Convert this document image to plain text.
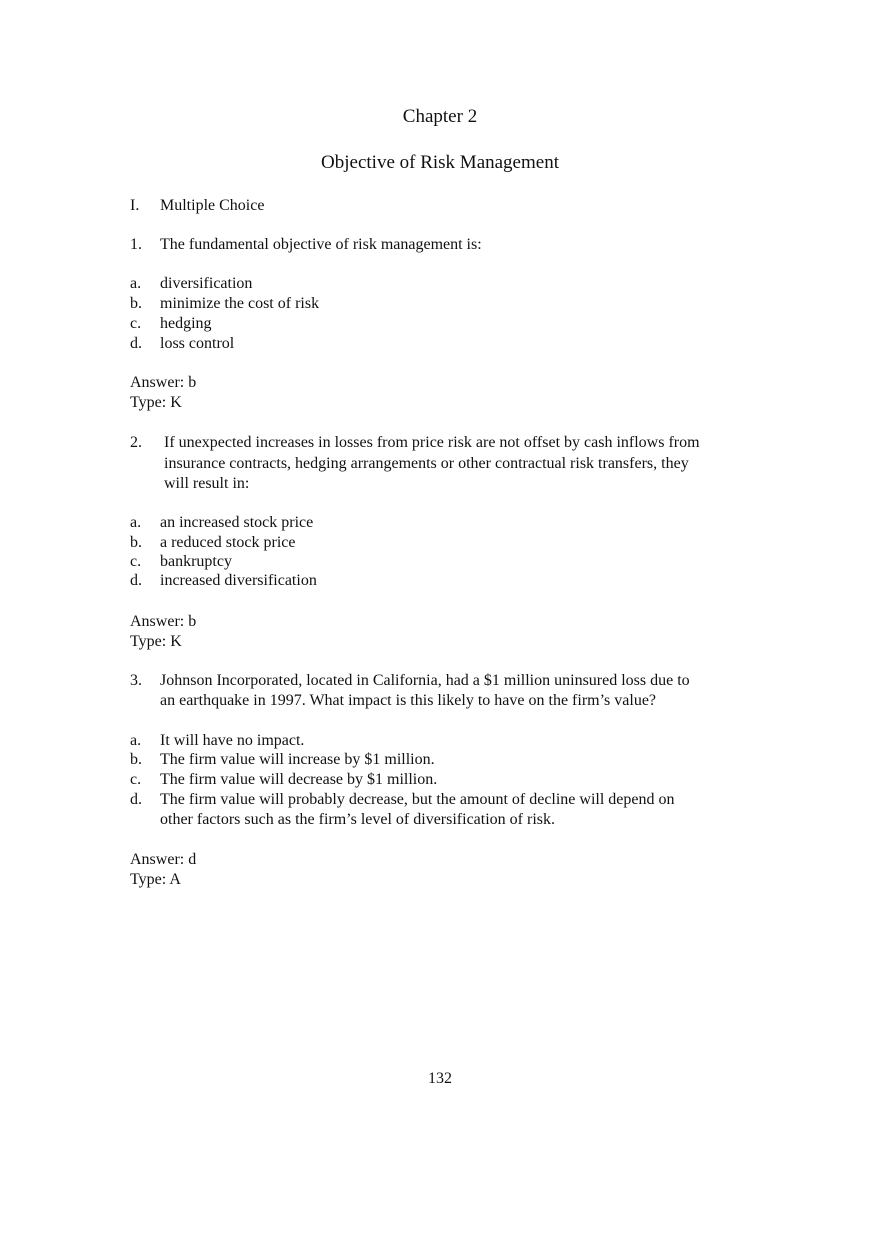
Chapter 2
Objective of Risk Management
I. Multiple Choice
1. The fundamental objective of risk management is:
a. diversification
b. minimize the cost of risk
c. hedging
d. loss control
Answer: b
Type: K
2. If unexpected increases in losses from price risk are not offset by cash inflows from
insurance contracts, hedging arrangements or other contractual risk transfers, they
will result in:
a. an increased stock price
b. a reduced stock price
c. bankruptcy
d. increased diversification
Answer: b
Type: K
3. Johnson Incorporated, located in California, had a $1 million uninsured loss due to
an earthquake in 1997. What impact is this likely to have on the firm’s value?
a. It will have no impact.
b. The firm value will increase by $1 million.
c. The firm value will decrease by $1 million.
d. The firm value will probably decrease, but the amount of decline will depend on
other factors such as the firm’s level of diversification of risk.
Answer: d
Type: A
132
